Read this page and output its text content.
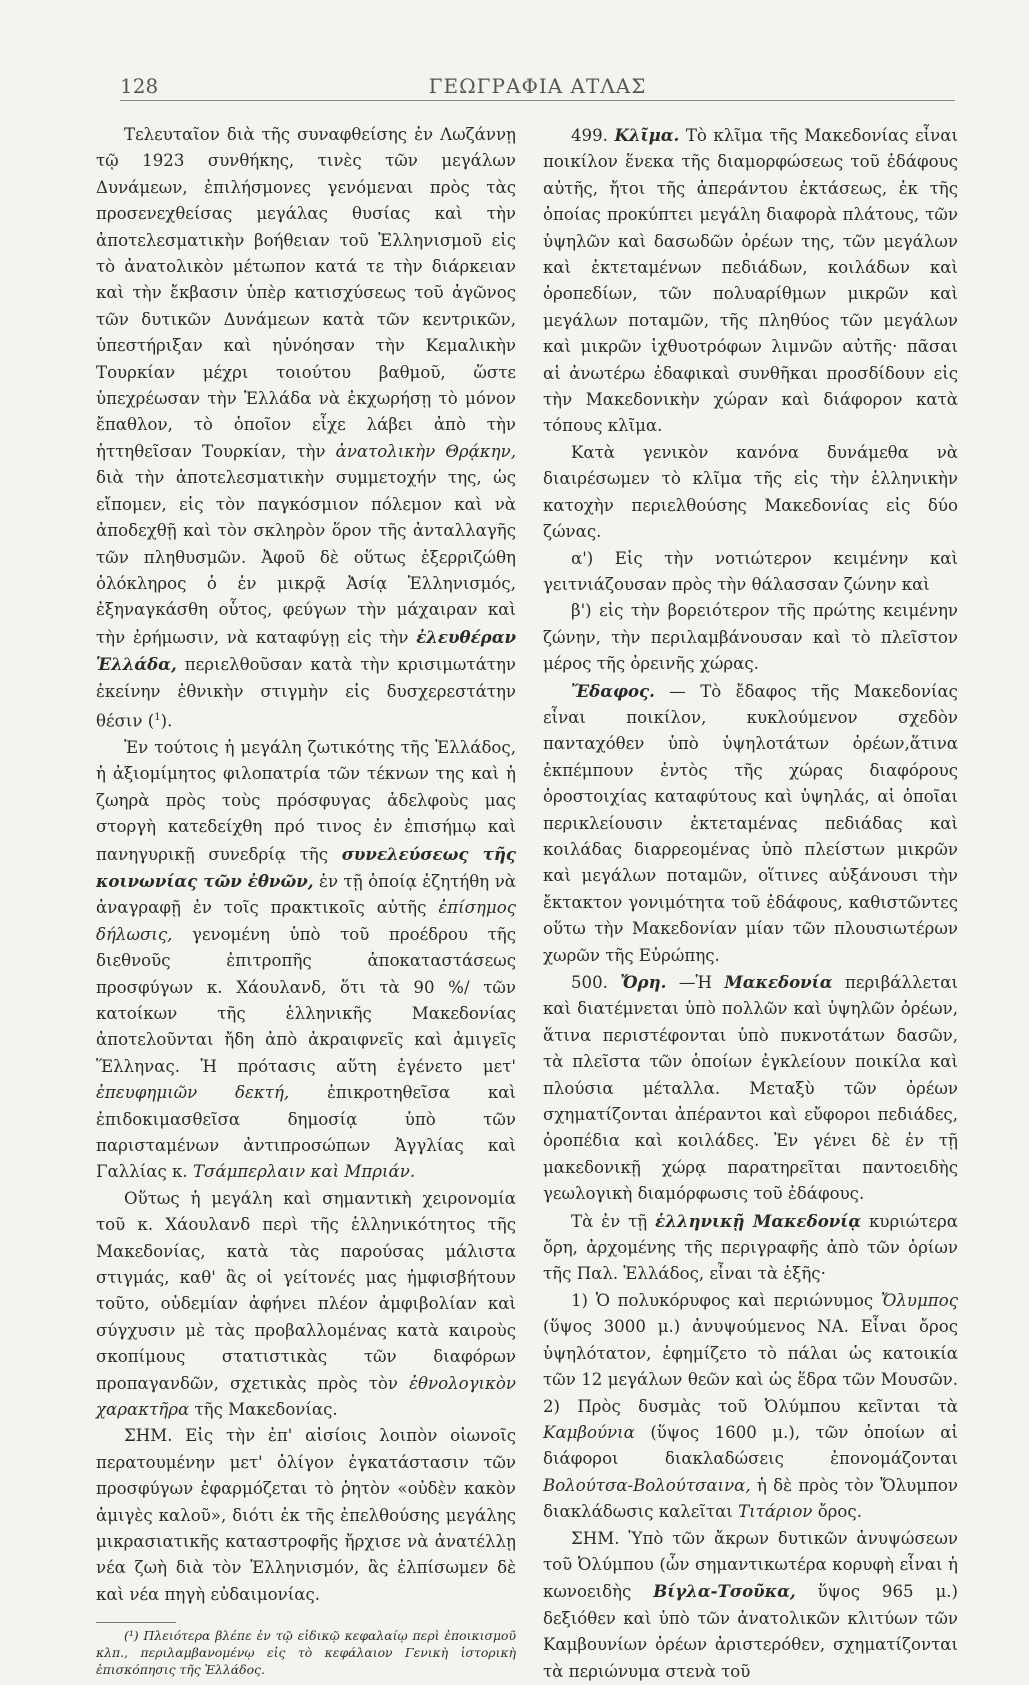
128	ΓΕΩΓΡΑΦΙΑ ΑΤΛΑΣ

Τελευταῖον διὰ τῆς συναφθείσης ἐν Λωζάννῃ τῷ 1923 συνθήκης, τινὲς τῶν μεγάλων Δυνάμεων, ἐπιλήσμονες γενόμεναι πρὸς τὰς προσενεχθείσας μεγάλας θυσίας καὶ τὴν ἀποτελεσματικὴν βοήθειαν τοῦ Ἑλληνισμοῦ εἰς τὸ ἀνατολικὸν μέτωπον κατά τε τὴν διάρκειαν καὶ τὴν ἔκβασιν ὑπὲρ κατισχύσεως τοῦ ἀγῶνος τῶν δυτικῶν Δυνάμεων κατὰ τῶν κεντρικῶν, ὑπεστήριξαν καὶ ηὐνόησαν τὴν Κεμαλικὴν Τουρκίαν μέχρι τοιούτου βαθμοῦ, ὥστε ὑπεχρέωσαν τὴν Ἑλλάδα νὰ ἐκχωρήσῃ τὸ μόνον ἔπαθλον, τὸ ὁποῖον εἶχε λάβει ἀπὸ τὴν ἡττηθεῖσαν Τουρκίαν, τὴν ἀνατολικὴν Θρᾴκην, διὰ τὴν ἀποτελεσματικὴν συμμετοχήν της, ὡς εἴπομεν, εἰς τὸν παγκόσμιον πόλεμον καὶ νὰ ἀποδεχθῇ καὶ τὸν σκληρὸν ὅρον τῆς ἀνταλλαγῆς τῶν πληθυσμῶν. Ἀφοῦ δὲ οὕτως ἐξερριζώθη ὁλόκληρος ὁ ἐν μικρᾷ Ἀσίᾳ Ἑλληνισμός, ἐξηναγκάσθη οὗτος, φεύγων τὴν μάχαιραν καὶ τὴν ἐρήμωσιν, νὰ καταφύγῃ εἰς τὴν ἐλευθέραν Ἑλλάδα, περιελθοῦσαν κατὰ τὴν κρισιμωτάτην ἐκείνην ἐθνικὴν στιγμὴν εἰς δυσχερεστάτην θέσιν ($^1$).

Ἐν τούτοις ἡ μεγάλη ζωτικότης τῆς Ἑλλάδος, ἡ ἀξιομίμητος φιλοπατρία τῶν τέκνων της καὶ ἡ ζωηρὰ πρὸς τοὺς πρόσφυγας ἀδελφοὺς μας στοργὴ κατεδείχθη πρό τινος ἐν ἐπισήμῳ καὶ πανηγυρικῇ συνεδρίᾳ τῆς συνελεύσεως τῆς κοινωνίας τῶν ἐθνῶν, ἐν τῇ ὁποίᾳ ἐζητήθη νὰ ἀναγραφῇ ἐν τοῖς πρακτικοῖς αὐτῆς ἐπίσημος δήλωσις, γενομένη ὑπὸ τοῦ προέδρου τῆς διεθνοῦς ἐπιτροπῆς ἀποκαταστάσεως προσφύγων κ. Χάουλανδ, ὅτι τὰ 90 %/ τῶν κατοίκων τῆς ἑλληνικῆς Μακεδονίας ἀποτελοῦνται ἤδη ἀπὸ ἀκραιφνεῖς καὶ ἀμιγεῖς Ἕλληνας. Ἡ πρότασις αὕτη ἐγένετο μετ' ἐπευφημιῶν δεκτή, ἐπικροτηθεῖσα καὶ ἐπιδοκιμασθεῖσα δημοσίᾳ ὑπὸ τῶν παρισταμένων ἀντιπροσώπων Ἀγγλίας καὶ Γαλλίας κ. Τσάμπερλαιν καὶ Μπριάν.

Οὕτως ἡ μεγάλη καὶ σημαντικὴ χειρονομία τοῦ κ. Χάουλανδ περὶ τῆς ἑλληνικότητος τῆς Μακεδονίας, κατὰ τὰς παρούσας μάλιστα στιγμάς, καθ' ἃς οἱ γείτονές μας ἠμφισβήτουν τοῦτο, οὐδεμίαν ἀφήνει πλέον ἀμφιβολίαν καὶ σύγχυσιν μὲ τὰς προβαλλομένας κατὰ καιροὺς σκοπίμους στατιστικὰς τῶν διαφόρων προπαγανδῶν, σχετικὰς πρὸς τὸν ἐθνολογικὸν χαρακτῆρα τῆς Μακεδονίας.

ΣΗΜ. Εἰς τὴν ἐπ' αἰσίοις λοιπὸν οἰωνοῖς περατουμένην μετ' ὀλίγον ἐγκατάστασιν τῶν προσφύγων ἐφαρμόζεται τὸ ῥητὸν «οὐδὲν κακὸν ἀμιγὲς καλοῦ», διότι ἐκ τῆς ἐπελθούσης μεγάλης μικρασιατικῆς καταστροφῆς ἤρχισε νὰ ἀνατέλλῃ νέα ζωὴ διὰ τὸν Ἑλληνισμόν, ἃς ἐλπίσωμεν δὲ καὶ νέα πηγὴ εὐδαιμονίας.

(¹) Πλειότερα βλέπε ἐν τῷ εἰδικῷ κεφαλαίῳ περὶ ἐποικισμοῦ κλπ., περιλαμβανομένῳ εἰς τὸ κεφάλαιον Γενικὴ ἱστορικὴ ἐπισκόπησις τῆς Ἑλλάδος.

499. Κλῖμα. Τὸ κλῖμα τῆς Μακεδονίας εἶναι ποικίλον ἕνεκα τῆς διαμορφώσεως τοῦ ἐδάφους αὐτῆς, ἤτοι τῆς ἀπεράντου ἐκτάσεως, ἐκ τῆς ὁποίας προκύπτει μεγάλη διαφορὰ πλάτους, τῶν ὑψηλῶν καὶ δασωδῶν ὀρέων της, τῶν μεγάλων καὶ ἐκτεταμένων πεδιάδων, κοιλάδων καὶ ὀροπεδίων, τῶν πολυαρίθμων μικρῶν καὶ μεγάλων ποταμῶν, τῆς πληθύος τῶν μεγάλων καὶ μικρῶν ἰχθυοτρόφων λιμνῶν αὐτῆς· πᾶσαι αἱ ἀνωτέρω ἐδαφικαὶ συνθῆκαι προσδίδουν εἰς τὴν Μακεδονικὴν χώραν καὶ διάφορον κατὰ τόπους κλῖμα.

Κατὰ γενικὸν κανόνα δυνάμεθα νὰ διαιρέσωμεν τὸ κλῖμα τῆς εἰς τὴν ἑλληνικὴν κατοχὴν περιελθούσης Μακεδονίας εἰς δύο ζώνας.

α') Εἰς τὴν νοτιώτερον κειμένην καὶ γειτνιάζουσαν πρὸς τὴν θάλασσαν ζώνην καὶ

β') εἰς τὴν βορειότερον τῆς πρώτης κειμένην ζώνην, τὴν περιλαμβάνουσαν καὶ τὸ πλεῖστον μέρος τῆς ὀρεινῆς χώρας.

Ἔδαφος. — Τὸ ἔδαφος τῆς Μακεδονίας εἶναι ποικίλον, κυκλούμενον σχεδὸν πανταχόθεν ὑπὸ ὑψηλοτάτων ὀρέων,ἅτινα ἐκπέμπουν ἐντὸς τῆς χώρας διαφόρους ὀροστοιχίας καταφύτους καὶ ὑψηλάς, αἱ ὁποῖαι περικλείουσιν ἐκτεταμένας πεδιάδας καὶ κοιλάδας διαρρεομένας ὑπὸ πλείστων μικρῶν καὶ μεγάλων ποταμῶν, οἵτινες αὐξάνουσι τὴν ἔκτακτον γονιμότητα τοῦ ἐδάφους, καθιστῶντες οὕτω τὴν Μακεδονίαν μίαν τῶν πλουσιωτέρων χωρῶν τῆς Εὐρώπης.

500. Ὄρη. —Ἡ Μακεδονία περιβάλλεται καὶ διατέμνεται ὑπὸ πολλῶν καὶ ὑψηλῶν ὀρέων, ἅτινα περιστέφονται ὑπὸ πυκνοτάτων δασῶν, τὰ πλεῖστα τῶν ὁποίων ἐγκλείουν ποικίλα καὶ πλούσια μέταλλα. Μεταξὺ τῶν ὀρέων σχηματίζονται ἀπέραντοι καὶ εὔφοροι πεδιάδες, ὀροπέδια καὶ κοιλάδες. Ἐν γένει δὲ ἐν τῇ μακεδονικῇ χώρᾳ παρατηρεῖται παντοειδὴς γεωλογικὴ διαμόρφωσις τοῦ ἐδάφους.

Τὰ ἐν τῇ ἑλληνικῇ Μακεδονίᾳ κυριώτερα ὄρη, ἀρχομένης τῆς περιγραφῆς ἀπὸ τῶν ὁρίων τῆς Παλ. Ἑλλάδος, εἶναι τὰ ἑξῆς·

1) Ὁ πολυκόρυφος καὶ περιώνυμος Ὄλυμπος (ὕψος 3000 μ.) ἀνυψούμενος ΝΑ. Εἶναι ὄρος ὑψηλότατον, ἐφημίζετο τὸ πάλαι ὡς κατοικία τῶν 12 μεγάλων θεῶν καὶ ὡς ἕδρα τῶν Μουσῶν. 2) Πρὸς δυσμὰς τοῦ Ὀλύμπου κεῖνται τὰ Καμβούνια (ὕψος 1600 μ.), τῶν ὁποίων αἱ διάφοροι διακλαδώσεις ἐπονομάζονται Βολούτσα-Βολούτσαινα, ἡ δὲ πρὸς τὸν Ὄλυμπον διακλάδωσις καλεῖται Τιτάριον ὄρος.

ΣΗΜ. Ὑπὸ τῶν ἄκρων δυτικῶν ἀνυψώσεων τοῦ Ὀλύμπου (ὧν σημαντικωτέρα κορυφὴ εἶναι ἡ κωνοειδὴς Βίγλα-Τσοῦκα, ὕψος 965 μ.) δεξιόθεν καὶ ὑπὸ τῶν ἀνατολικῶν κλιτύων τῶν Καμβουνίων ὀρέων ἀριστερόθεν, σχηματίζονται τὰ περιώνυμα στενὰ τοῦ
